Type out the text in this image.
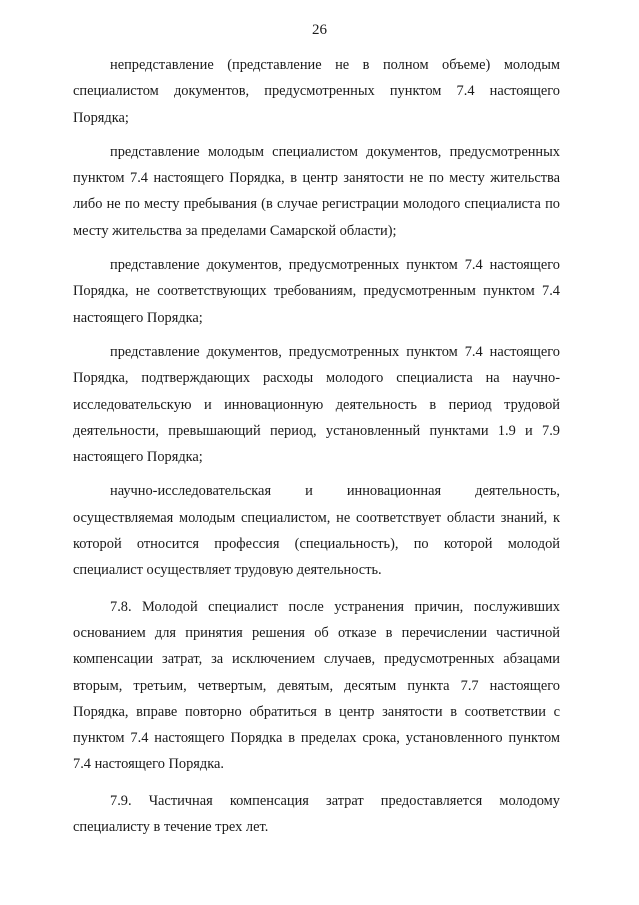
26

непредставление (представление не в полном объеме) молодым специалистом документов, предусмотренных пунктом 7.4 настоящего Порядка;

представление молодым специалистом документов, предусмотренных пунктом 7.4 настоящего Порядка, в центр занятости не по месту жительства либо не по месту пребывания (в случае регистрации молодого специалиста по месту жительства за пределами Самарской области);

представление документов, предусмотренных пунктом 7.4 настоящего Порядка, не соответствующих требованиям, предусмотренным пунктом 7.4 настоящего Порядка;

представление документов, предусмотренных пунктом 7.4 настоящего Порядка, подтверждающих расходы молодого специалиста на научно-исследовательскую и инновационную деятельность в период трудовой деятельности, превышающий период, установленный пунктами 1.9 и 7.9 настоящего Порядка;

научно-исследовательская и инновационная деятельность, осуществляемая молодым специалистом, не соответствует области знаний, к которой относится профессия (специальность), по которой молодой специалист осуществляет трудовую деятельность.

7.8. Молодой специалист после устранения причин, послуживших основанием для принятия решения об отказе в перечислении частичной компенсации затрат, за исключением случаев, предусмотренных абзацами вторым, третьим, четвертым, девятым, десятым пункта 7.7 настоящего Порядка, вправе повторно обратиться в центр занятости в соответствии с пунктом 7.4 настоящего Порядка в пределах срока, установленного пунктом 7.4 настоящего Порядка.

7.9. Частичная компенсация затрат предоставляется молодому специалисту в течение трех лет.
